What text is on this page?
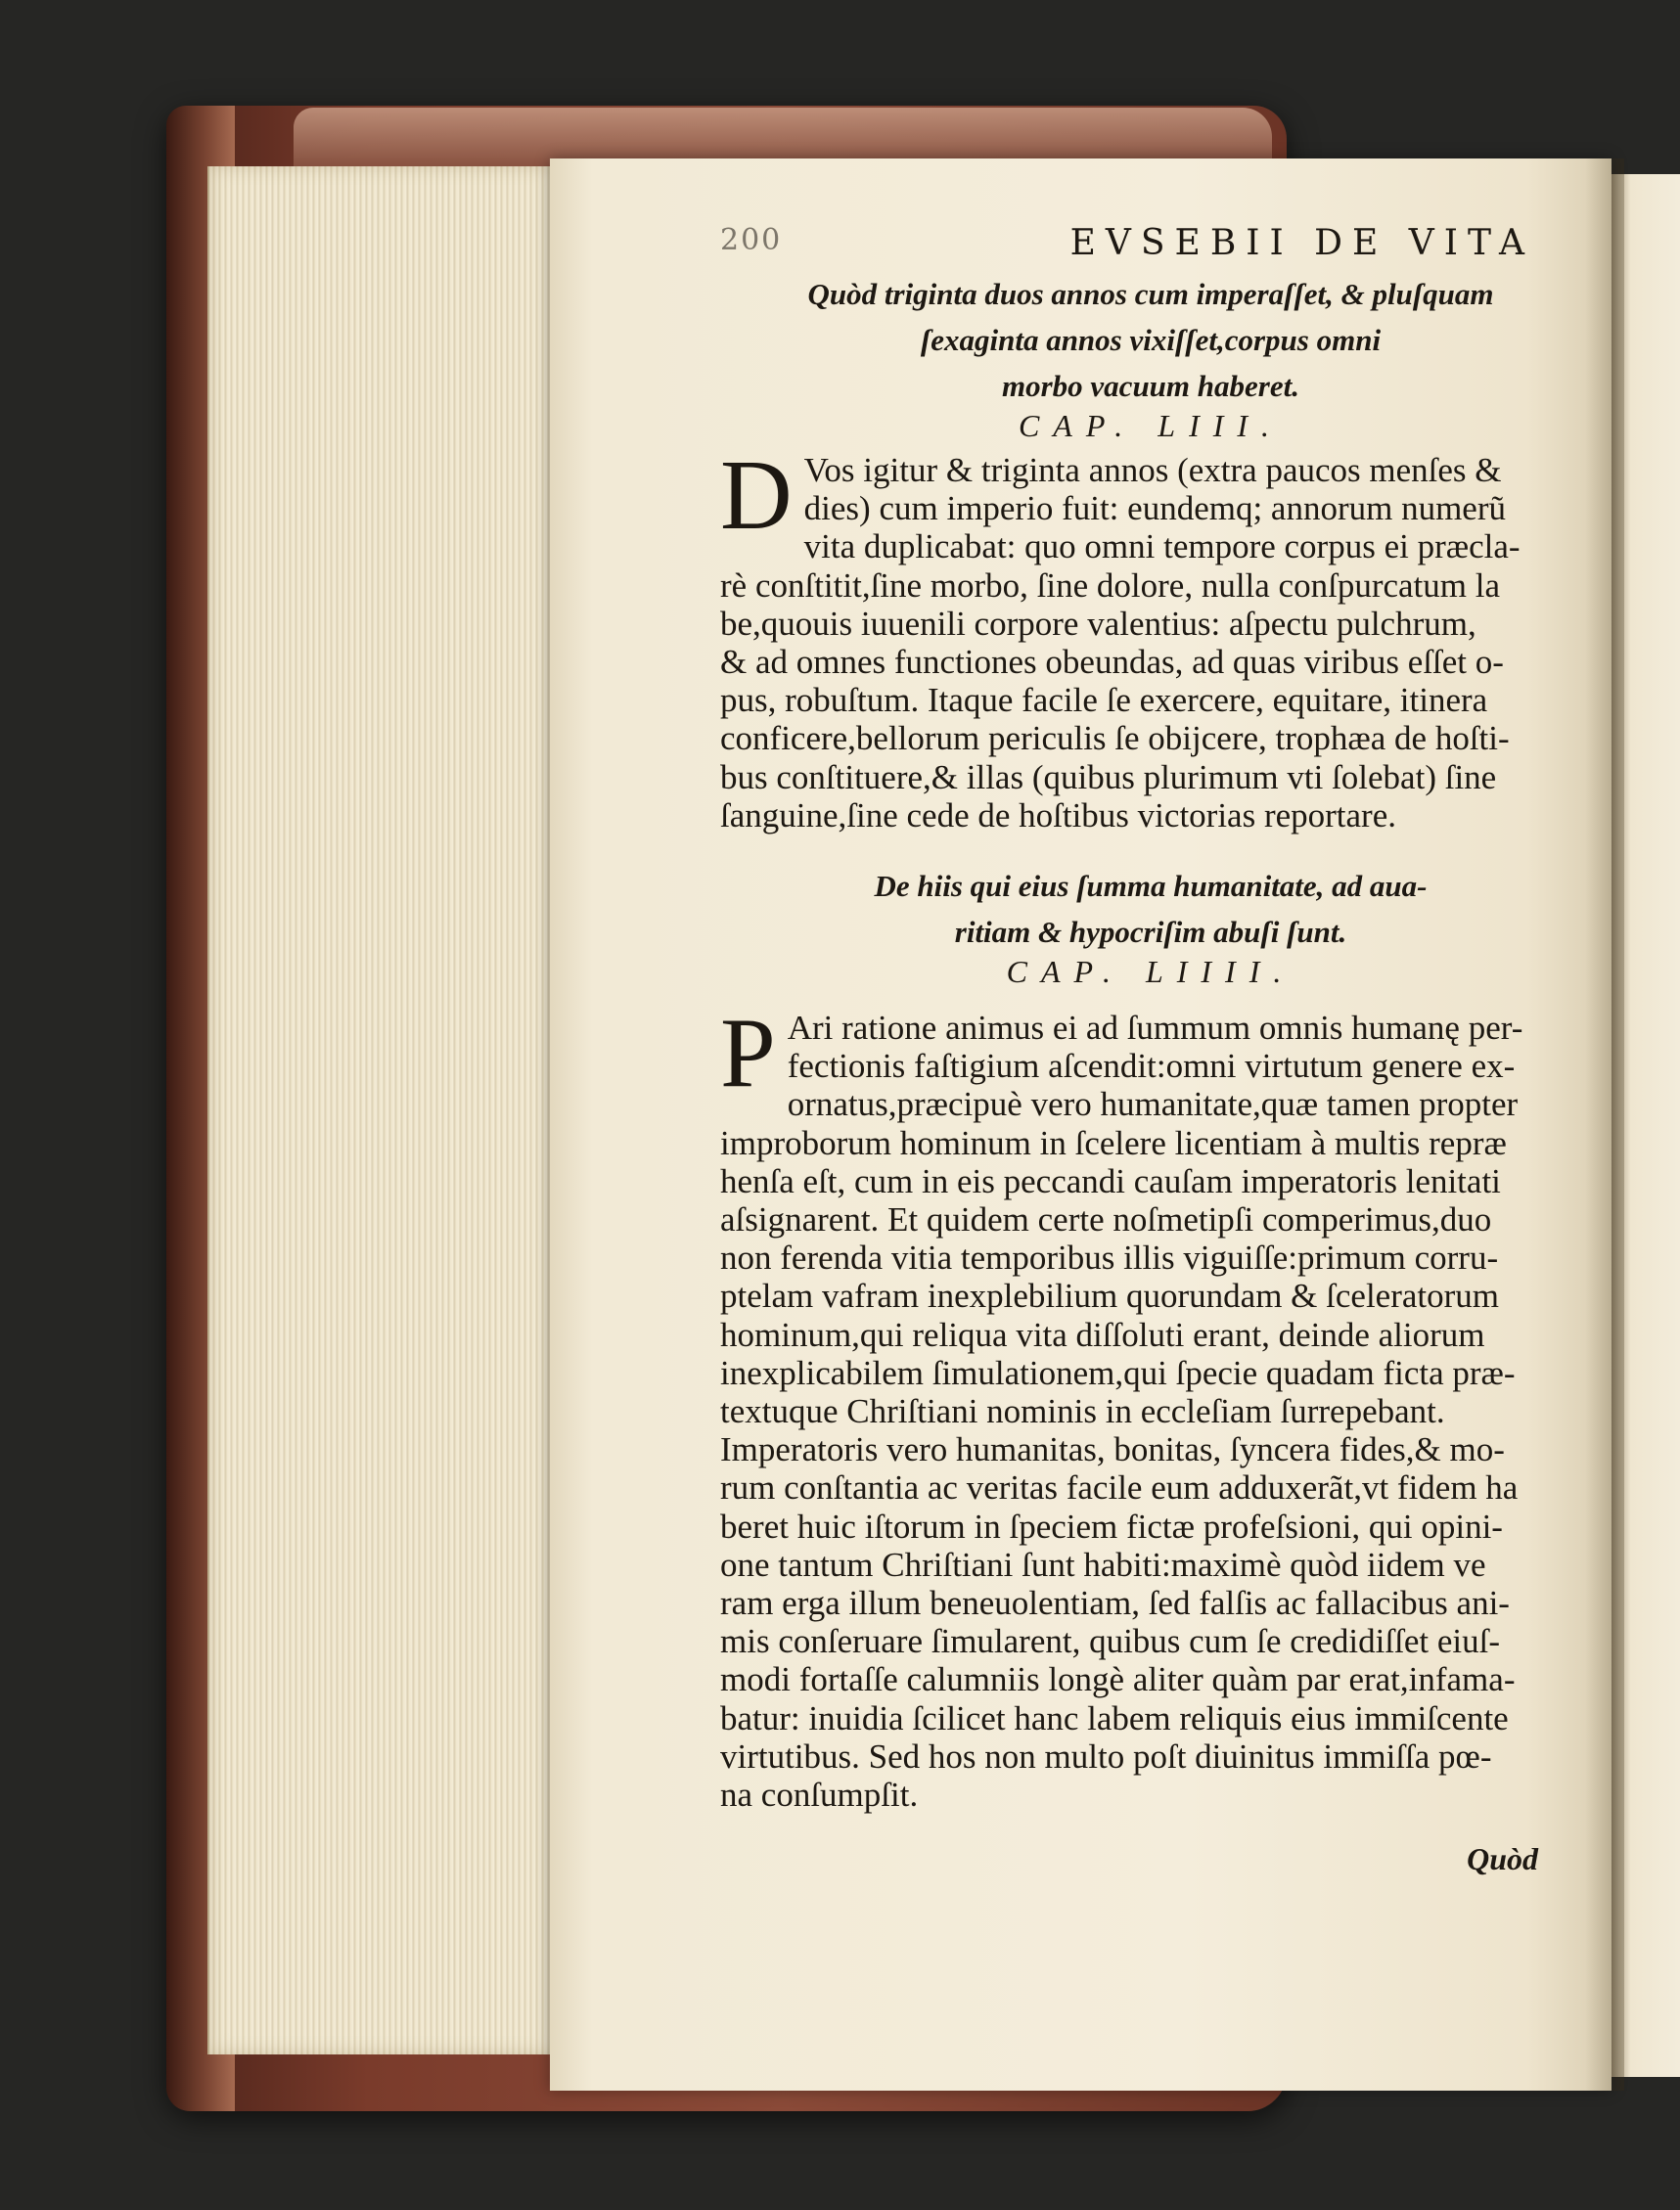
200	EVSEBII DE VITA
Quòd triginta duos annos cum imperaſſet, & pluſquam
ſexaginta annos vixiſſet,corpus omni
morbo vacuum haberet.
CAP. LIII.
D Vos igitur & triginta annos (extra paucos menſes &
dies) cum imperio fuit: eundemq; annorum numerũ
vita duplicabat: quo omni tempore corpus ei præcla-
rè conſtitit,ſine morbo, ſine dolore, nulla conſpurcatum la
be,quouis iuuenili corpore valentius: aſpectu pulchrum,
& ad omnes functiones obeundas, ad quas viribus eſſet o-
pus, robuſtum. Itaque facile ſe exercere, equitare, itinera
conficere,bellorum periculis ſe obijcere, trophæa de hoſti-
bus conſtituere,& illas (quibus plurimum vti ſolebat) ſine
ſanguine,ſine cede de hoſtibus victorias reportare.
De hiis qui eius ſumma humanitate, ad aua-
ritiam & hypocriſim abuſi ſunt.
CAP. LIIII.
P Ari ratione animus ei ad ſummum omnis humanę per-
fectionis faſtigium aſcendit:omni virtutum genere ex-
ornatus,præcipuè vero humanitate,quæ tamen propter
improborum hominum in ſcelere licentiam à multis repræ
henſa eſt, cum in eis peccandi cauſam imperatoris lenitati
aſsignarent. Et quidem certe noſmetipſi comperimus,duo
non ferenda vitia temporibus illis viguiſſe:primum corru-
ptelam vafram inexplebilium quorundam & ſceleratorum
hominum,qui reliqua vita diſſoluti erant, deinde aliorum
inexplicabilem ſimulationem,qui ſpecie quadam ficta præ-
textuque Chriſtiani nominis in eccleſiam ſurrepebant.
Imperatoris vero humanitas, bonitas, ſyncera fides,& mo-
rum conſtantia ac veritas facile eum adduxerãt,vt fidem ha
beret huic iſtorum in ſpeciem fictæ profeſsioni, qui opini-
one tantum Chriſtiani ſunt habiti:maximè quòd iidem ve
ram erga illum beneuolentiam, ſed falſis ac fallacibus ani-
mis conſeruare ſimularent, quibus cum ſe credidiſſet eiuſ-
modi fortaſſe calumniis longè aliter quàm par erat,infama-
batur: inuidia ſcilicet hanc labem reliquis eius immiſcente
virtutibus. Sed hos non multo poſt diuinitus immiſſa pœ-
na conſumpſit.
Quòd
